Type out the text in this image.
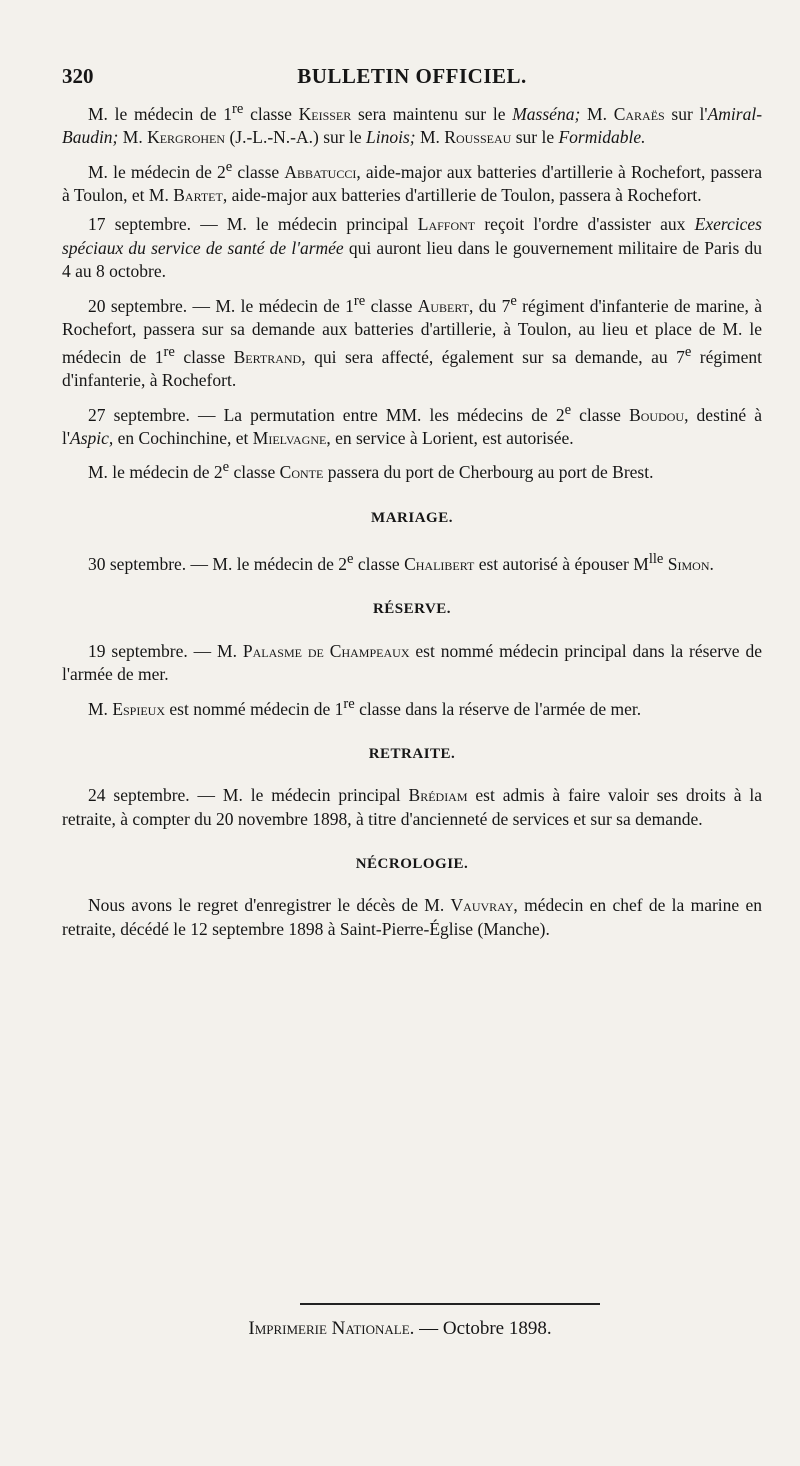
320	BULLETIN OFFICIEL.

M. le médecin de 1re classe Keisser sera maintenu sur le Masséna; M. Caraës sur l'Amiral-Baudin; M. Kergrohen (J.-L.-N.-A.) sur le Linois; M. Rousseau sur le Formidable.

M. le médecin de 2e classe Abbatucci, aide-major aux batteries d'artillerie à Rochefort, passera à Toulon, et M. Bartet, aide-major aux batteries d'artillerie de Toulon, passera à Rochefort.

17 septembre. — M. le médecin principal Laffont reçoit l'ordre d'assister aux Exercices spéciaux du service de santé de l'armée qui auront lieu dans le gouvernement militaire de Paris du 4 au 8 octobre.

20 septembre. — M. le médecin de 1re classe Aubert, du 7e régiment d'infanterie de marine, à Rochefort, passera sur sa demande aux batteries d'artillerie, à Toulon, au lieu et place de M. le médecin de 1re classe Bertrand, qui sera affecté, également sur sa demande, au 7e régiment d'infanterie, à Rochefort.

27 septembre. — La permutation entre MM. les médecins de 2e classe Boudou, destiné à l'Aspic, en Cochinchine, et Mielvagne, en service à Lorient, est autorisée.

M. le médecin de 2e classe Conte passera du port de Cherbourg au port de Brest.

MARIAGE.

30 septembre. — M. le médecin de 2e classe Chalibert est autorisé à épouser $M^{lle}$ Simon.

RÉSERVE.

19 septembre. — M. Palasme de Champeaux est nommé médecin principal dans la réserve de l'armée de mer.

M. Espieux est nommé médecin de 1re classe dans la réserve de l'armée de mer.

RETRAITE.

24 septembre. — M. le médecin principal Brédiam est admis à faire valoir ses droits à la retraite, à compter du 20 novembre 1898, à titre d'ancienneté de services et sur sa demande.

NÉCROLOGIE.

Nous avons le regret d'enregistrer le décès de M. Vauvray, médecin en chef de la marine en retraite, décédé le 12 septembre 1898 à Saint-Pierre-Église (Manche).

Imprimerie Nationale. — Octobre 1898.
